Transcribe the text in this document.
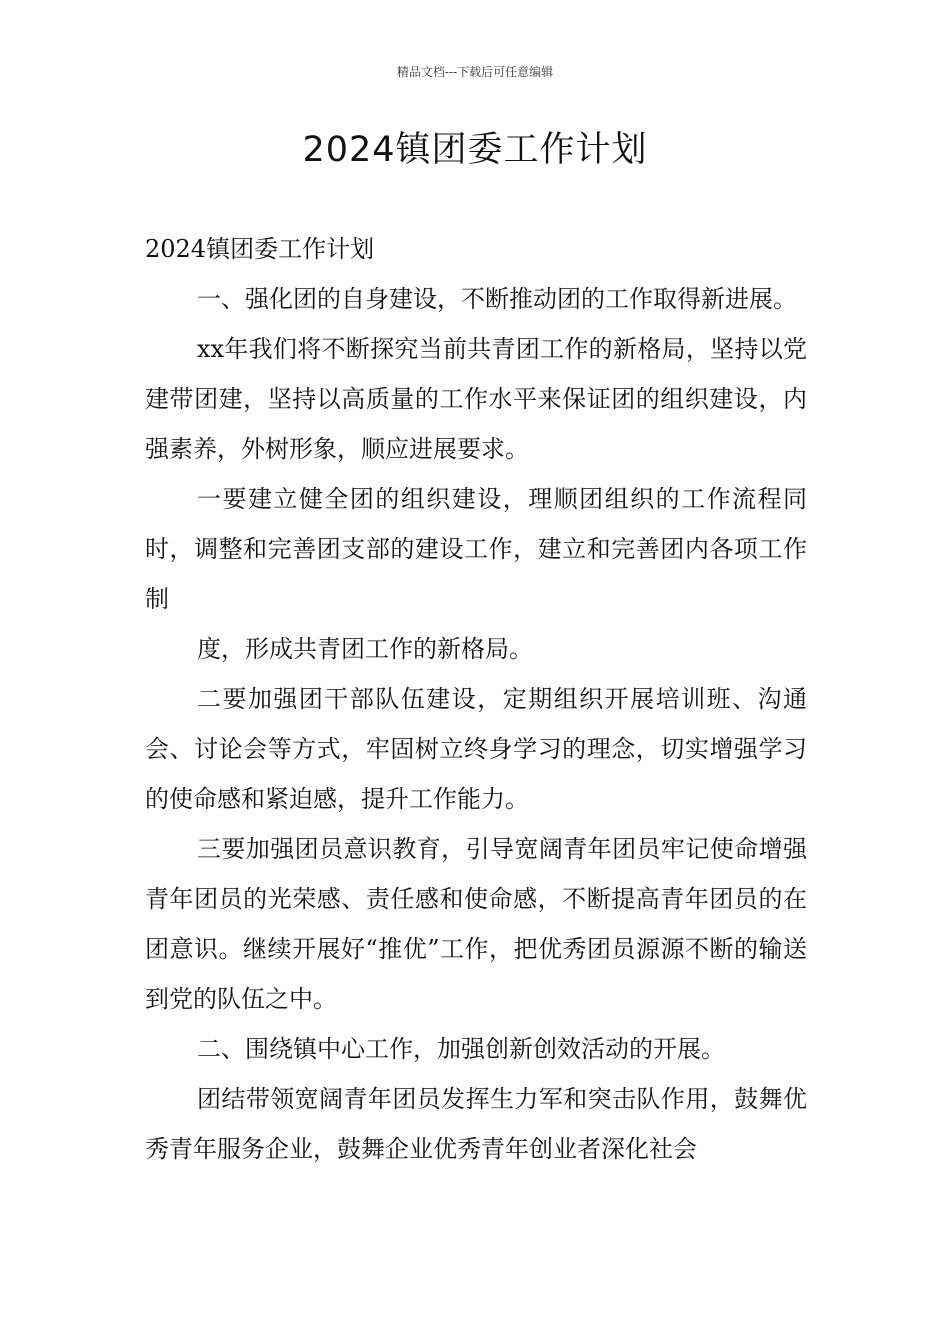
精品文档---下载后可任意编辑
2024镇团委工作计划

2024镇团委工作计划

一、强化团的自身建设，不断推动团的工作取得新进展。

xx年我们将不断探究当前共青团工作的新格局，坚持以党建带团建，坚持以高质量的工作水平来保证团的组织建设，内强素养，外树形象，顺应进展要求。

一要建立健全团的组织建设，理顺团组织的工作流程同时，调整和完善团支部的建设工作，建立和完善团内各项工作制

度，形成共青团工作的新格局。

二要加强团干部队伍建设，定期组织开展培训班、沟通会、讨论会等方式，牢固树立终身学习的理念，切实增强学习的使命感和紧迫感，提升工作能力。

三要加强团员意识教育，引导宽阔青年团员牢记使命增强青年团员的光荣感、责任感和使命感，不断提高青年团员的在团意识。继续开展好“推优”工作，把优秀团员源源不断的输送到党的队伍之中。

二、围绕镇中心工作，加强创新创效活动的开展。

团结带领宽阔青年团员发挥生力军和突击队作用，鼓舞优秀青年服务企业，鼓舞企业优秀青年创业者深化社会
